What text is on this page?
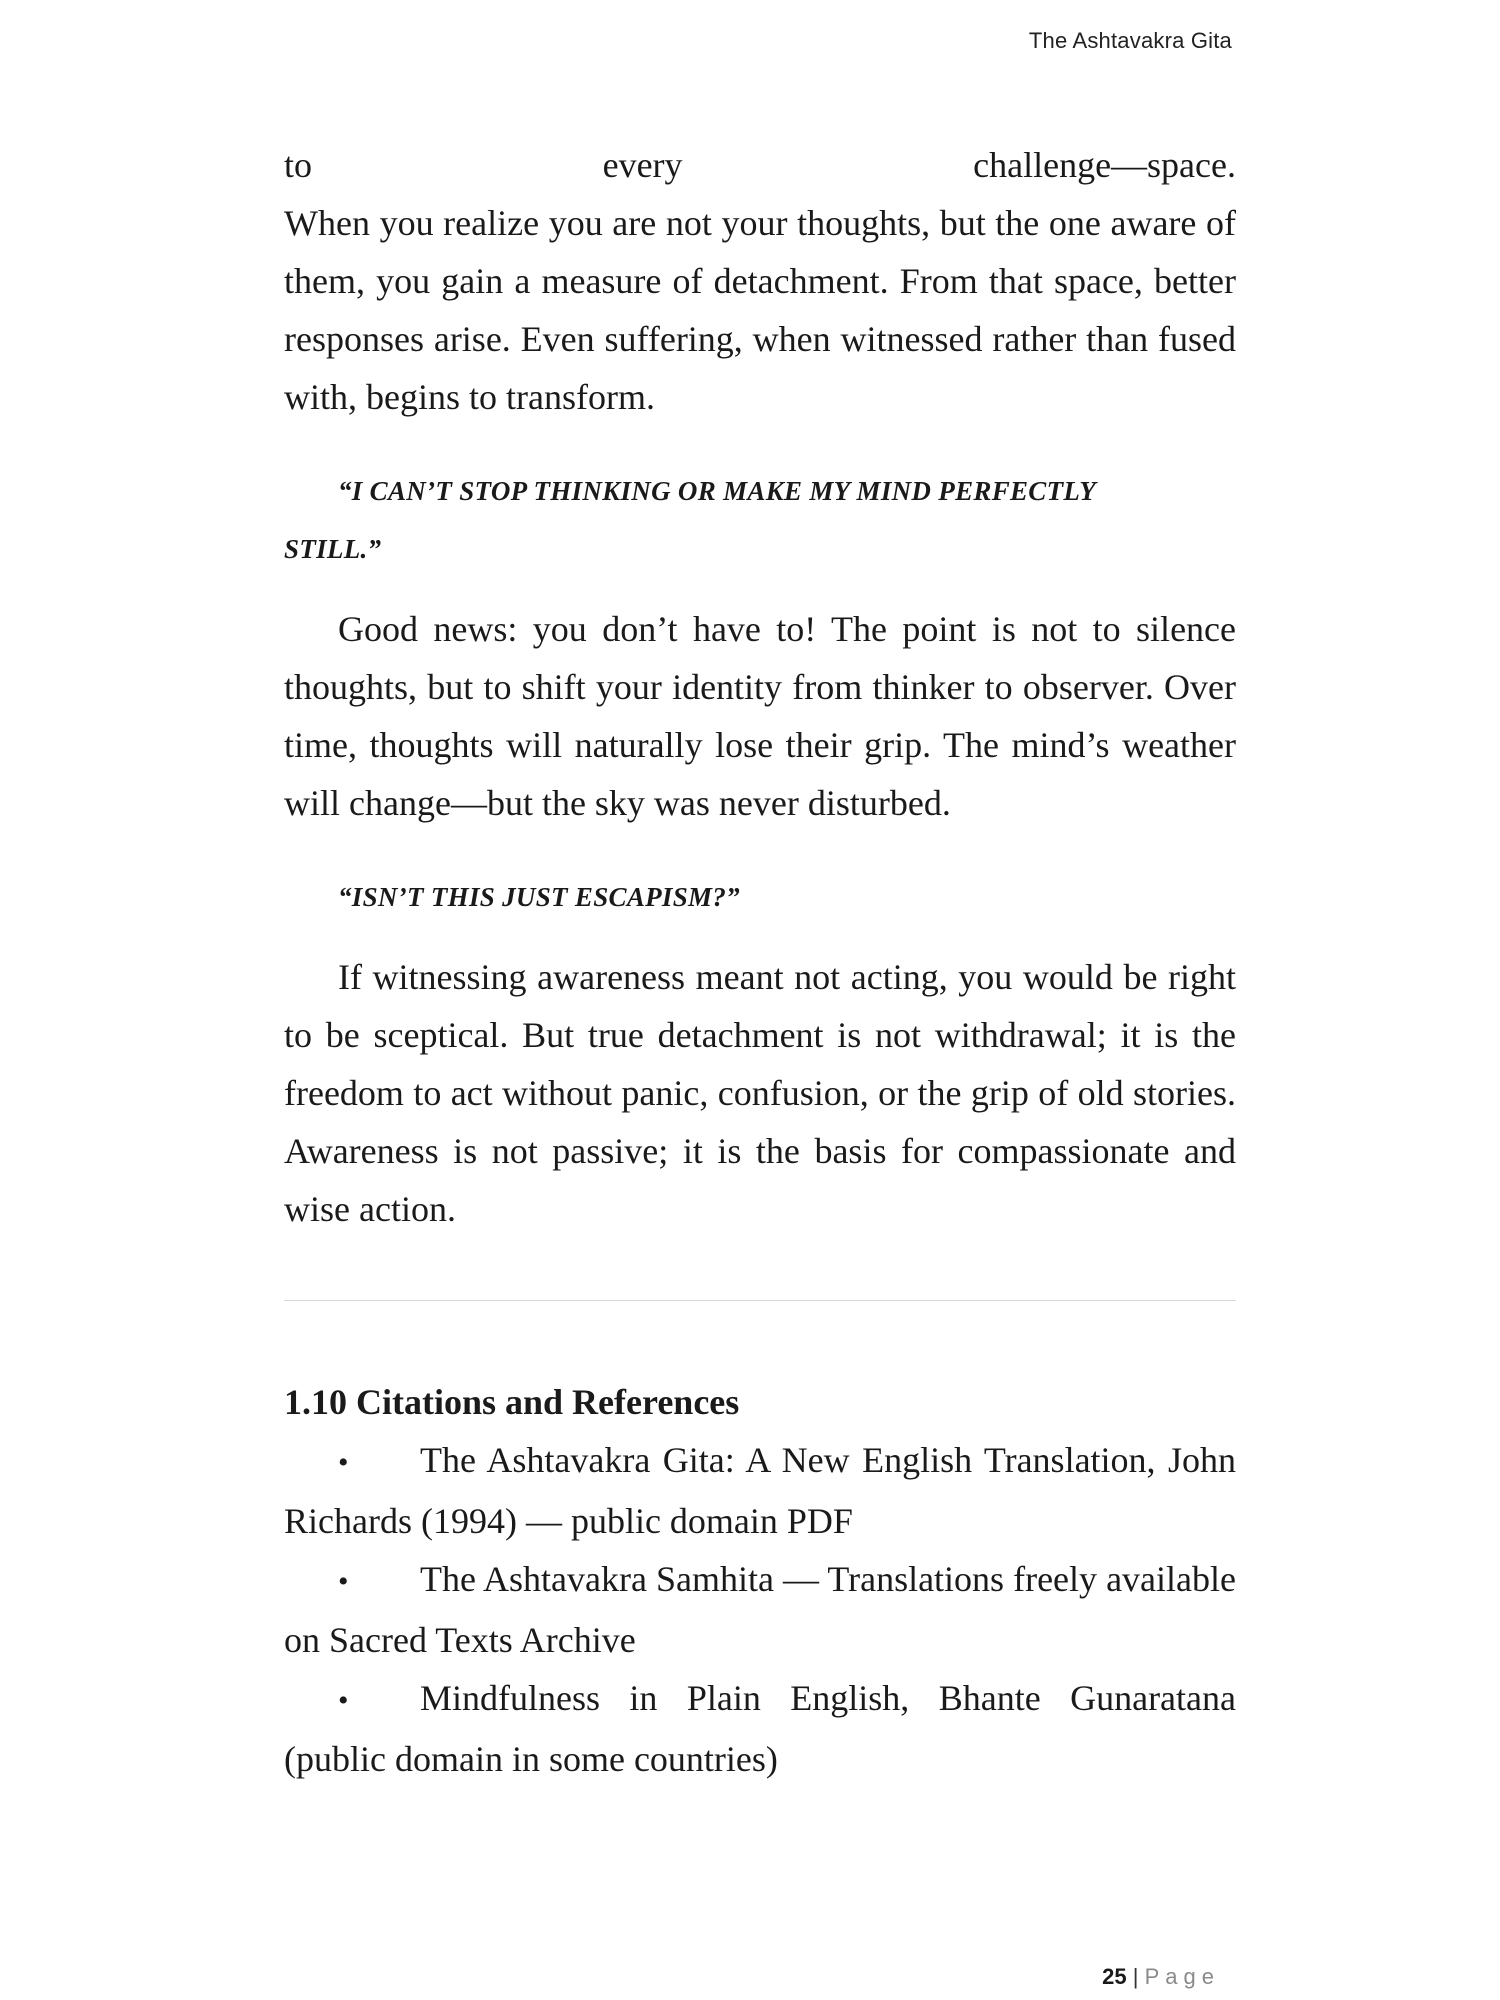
The Ashtavakra Gita
to	every	challenge—space.

When you realize you are not your thoughts, but the one aware of them, you gain a measure of detachment. From that space, better responses arise. Even suffering, when witnessed rather than fused with, begins to transform.

“I CAN’T STOP THINKING OR MAKE MY MIND PERFECTLY
STILL.”

Good news: you don’t have to! The point is not to silence thoughts, but to shift your identity from thinker to observer. Over time, thoughts will naturally lose their grip. The mind’s weather will change—but the sky was never disturbed.

“ISN’T THIS JUST ESCAPISM?”

If witnessing awareness meant not acting, you would be right to be sceptical. But true detachment is not withdrawal; it is the freedom to act without panic, confusion, or the grip of old stories. Awareness is not passive; it is the basis for compassionate and wise action.

1.10 Citations and References

• The Ashtavakra Gita: A New English Translation, John Richards (1994) — public domain PDF

• The Ashtavakra Samhita — Translations freely available on Sacred Texts Archive

• Mindfulness in Plain English, Bhante Gunaratana (public domain in some countries)

25 | Page
